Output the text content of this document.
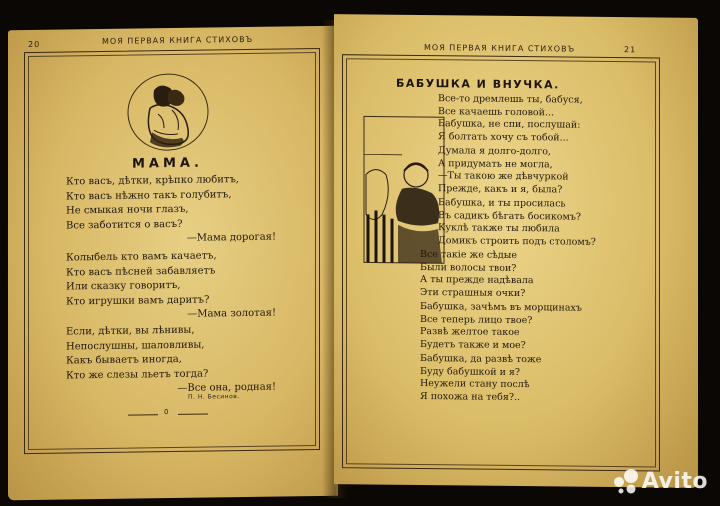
20	МОЯ ПЕРВАЯ КНИГА СТИХОВЪ
МАМА.
Кто васъ, дѣтки, крѣпко любитъ,
Кто васъ нѣжно такъ голубитъ,
Не смыкая ночи глазъ,
Все заботится о васъ?
—Мама дорогая!
Колыбель кто вамъ качаетъ,
Кто васъ пѣсней забавляетъ
Или сказку говоритъ,
Кто игрушки вамъ даритъ?
—Мама золотая!
Если, дѣтки, вы лѣнивы,
Непослушны, шаловливы,
Какъ бываетъ иногда,
Кто же слезы льетъ тогда?
—Все она, родная!
П. Н. Бесинов.
0
МОЯ ПЕРВАЯ КНИГА СТИХОВЪ	21
БАБУШКА И ВНУЧКА.
Все-то дремлешь ты, бабуся,
Все качаешь головой...
Бабушка, не спи, послушай:
Я болтать хочу съ тобой...
Думала я долго-долго,
А придумать не могла,
—Ты такою же дѣвчуркой
Прежде, какъ и я, была?
Бабушка, и ты просилась
Въ садикъ бѣгать босикомъ?
Куклѣ также ты любила
Домикъ строить подъ столомъ?
Все такіе же сѣдые
Были волосы твои?
А ты прежде надѣвала
Эти страшныя очки?
Бабушка, зачѣмъ въ морщинахъ
Все теперь лицо твое?
Развѣ желтое такое
Будетъ также и мое?
Бабушка, да развѣ тоже
Буду бабушкой и я?
Неужели стану послѣ
Я похожа на тебя?..
Avito
